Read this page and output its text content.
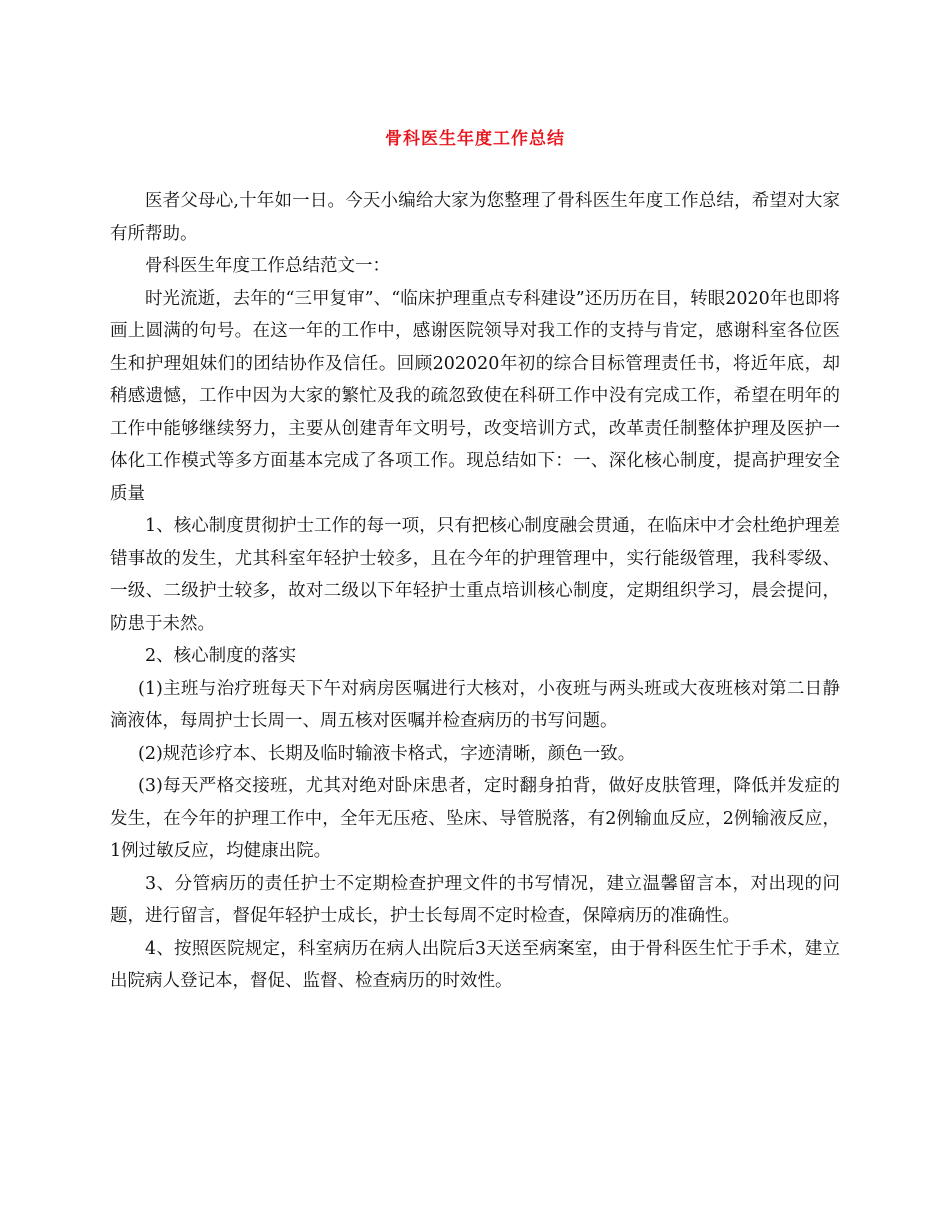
骨科医生年度工作总结

医者父母心,十年如一日。今天小编给大家为您整理了骨科医生年度工作总结，希望对大家有所帮助。

骨科医生年度工作总结范文一：

时光流逝，去年的“三甲复审”、“临床护理重点专科建设”还历历在目，转眼2020年也即将画上圆满的句号。在这一年的工作中，感谢医院领导对我工作的支持与肯定，感谢科室各位医生和护理姐妹们的团结协作及信任。回顾202020年初的综合目标管理责任书，将近年底，却稍感遗憾，工作中因为大家的繁忙及我的疏忽致使在科研工作中没有完成工作，希望在明年的工作中能够继续努力，主要从创建青年文明号，改变培训方式，改革责任制整体护理及医护一体化工作模式等多方面基本完成了各项工作。现总结如下：一、深化核心制度，提高护理安全质量

1、核心制度贯彻护士工作的每一项，只有把核心制度融会贯通，在临床中才会杜绝护理差错事故的发生，尤其科室年轻护士较多，且在今年的护理管理中，实行能级管理，我科零级、一级、二级护士较多，故对二级以下年轻护士重点培训核心制度，定期组织学习，晨会提问，防患于未然。

2、核心制度的落实

(1)主班与治疗班每天下午对病房医嘱进行大核对，小夜班与两头班或大夜班核对第二日静滴液体，每周护士长周一、周五核对医嘱并检查病历的书写问题。

(2)规范诊疗本、长期及临时输液卡格式，字迹清晰，颜色一致。

(3)每天严格交接班，尤其对绝对卧床患者，定时翻身拍背，做好皮肤管理，降低并发症的发生，在今年的护理工作中，全年无压疮、坠床、导管脱落，有2例输血反应，2例输液反应，1例过敏反应，均健康出院。

3、分管病历的责任护士不定期检查护理文件的书写情况，建立温馨留言本，对出现的问题，进行留言，督促年轻护士成长，护士长每周不定时检查，保障病历的准确性。

4、按照医院规定，科室病历在病人出院后3天送至病案室，由于骨科医生忙于手术，建立出院病人登记本，督促、监督、检查病历的时效性。
